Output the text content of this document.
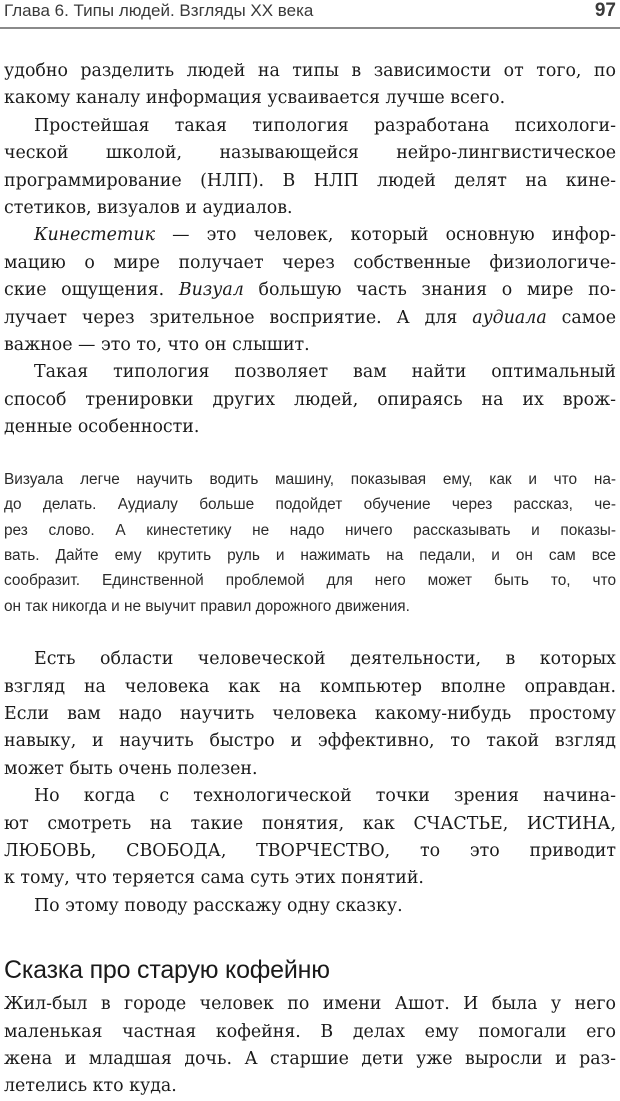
Глава 6. Типы людей. Взгляды XX века	97

удобно разделить людей на типы в зависимости от того, по
какому каналу информация усваивается лучше всего.

Простейшая такая типология разработана психологи-
ческой школой, называющейся нейро-лингвистическое
программирование (НЛП). В НЛП людей делят на кине-
стетиков, визуалов и аудиалов.

Кинестетик — это человек, который основную инфор-
мацию о мире получает через собственные физиологиче-
ские ощущения. Визуал большую часть знания о мире по-
лучает через зрительное восприятие. А для аудиала самое
важное — это то, что он слышит.

Такая типология позволяет вам найти оптимальный
способ тренировки других людей, опираясь на их врож-
денные особенности.

Визуала легче научить водить машину, показывая ему, как и что на-
до делать. Аудиалу больше подойдет обучение через рассказ, че-
рез слово. А кинестетику не надо ничего рассказывать и показы-
вать. Дайте ему крутить руль и нажимать на педали, и он сам все
сообразит. Единственной проблемой для него может быть то, что
он так никогда и не выучит правил дорожного движения.

Есть области человеческой деятельности, в которых
взгляд на человека как на компьютер вполне оправдан.
Если вам надо научить человека какому-нибудь простому
навыку, и научить быстро и эффективно, то такой взгляд
может быть очень полезен.

Но когда с технологической точки зрения начина-
ют смотреть на такие понятия, как СЧАСТЬЕ, ИСТИНА,
ЛЮБОВЬ, СВОБОДА, ТВОРЧЕСТВО, то это приводит
к тому, что теряется сама суть этих понятий.

По этому поводу расскажу одну сказку.

Сказка про старую кофейню

Жил-был в городе человек по имени Ашот. И была у него
маленькая частная кофейня. В делах ему помогали его
жена и младшая дочь. А старшие дети уже выросли и раз-
летелись кто куда.
